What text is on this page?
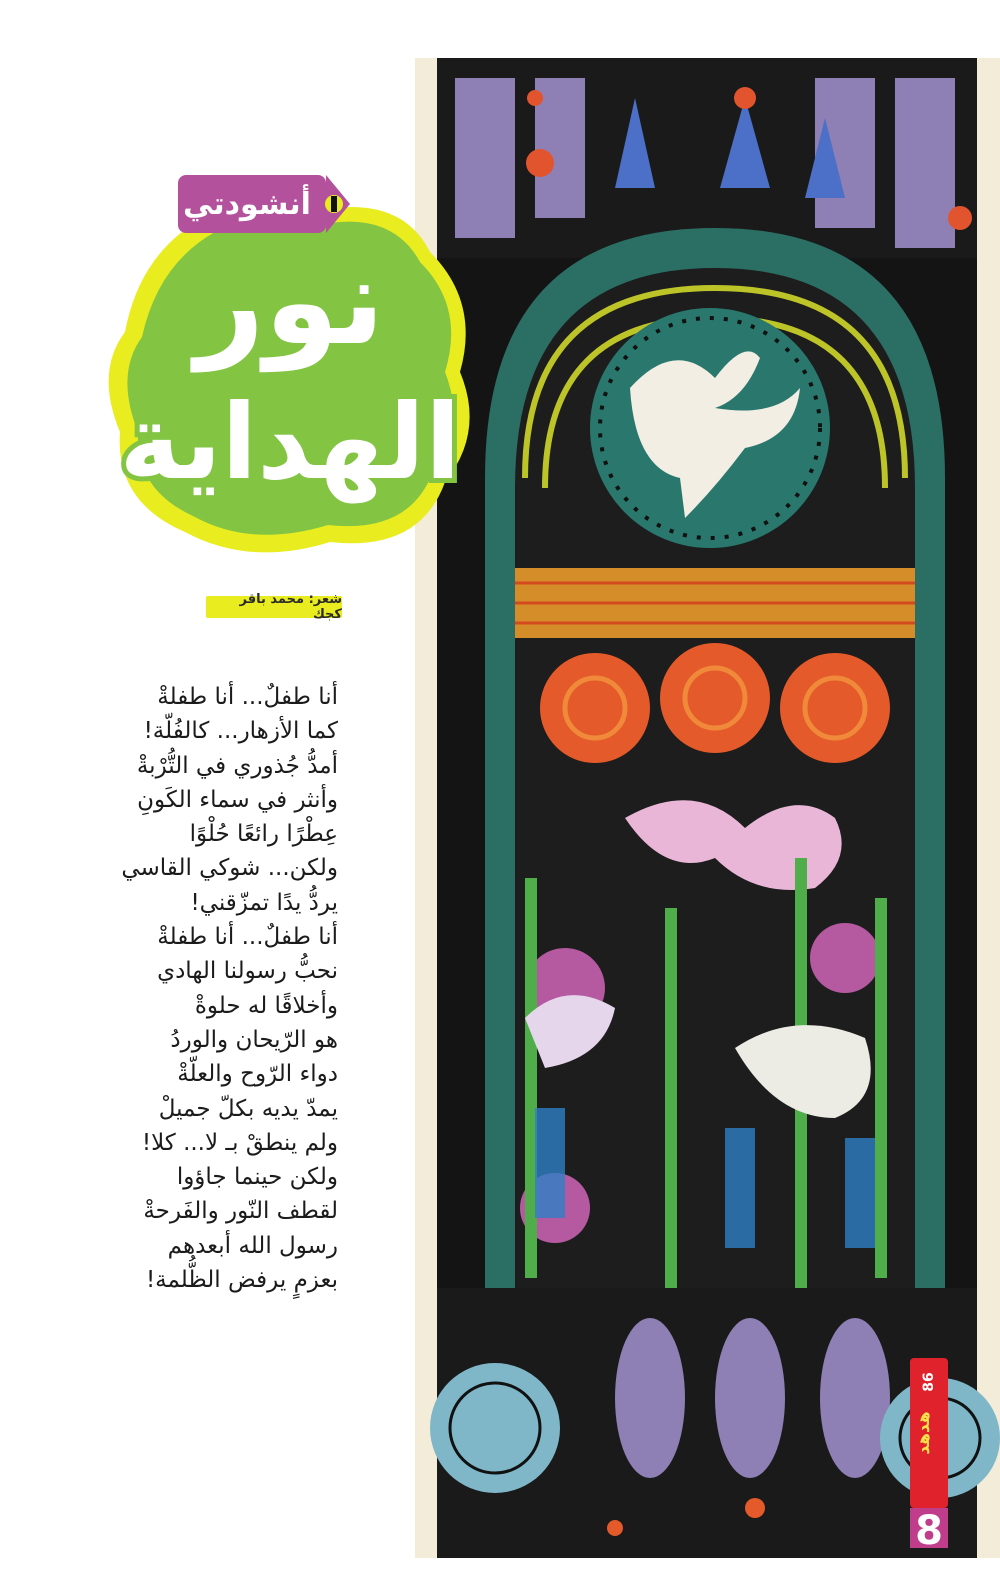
أنشودتي
نور
الهداية
شعر: محمد باقر كجك
أنا طفلٌ... أنا طفلةْ
كما الأزهار... كالفُلّة!
أمدُّ جُذوري في التُّرْبةْ
وأنثر في سماء الكَونِ
عِطْرًا رائعًا حُلْوًا
ولكن... شوكي القاسي
يردُّ يدًا تمزّقني!
أنا طفلٌ... أنا طفلةْ
نحبُّ رسولنا الهادي
وأخلاقًا له حلوةْ
هو الرّيحان والوردُ
دواء الرّوح والعلّةْ
يمدّ يديه بكلّ جميلْ
ولم ينطقْ بـ لا... كلا!
ولكن حينما جاؤوا
لقطف النّور والفَرحةْ
رسول الله أبعدهم
بعزمٍ يرفض الظُّلمة!
هدهد
86
8
